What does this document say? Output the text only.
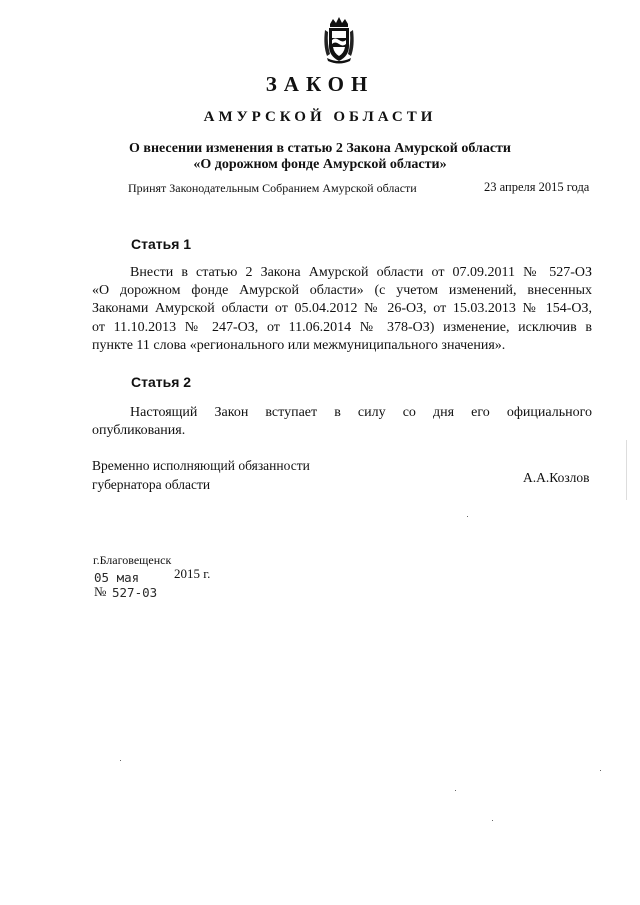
ЗАКОН
АМУРСКОЙ ОБЛАСТИ
О внесении изменения в статью 2 Закона Амурской области
«О дорожном фонде Амурской области»
Принят Законодательным Собранием Амурской области	23 апреля 2015 года
Статья 1
Внести в статью 2 Закона Амурской области от 07.09.2011 № 527-ОЗ
«О дорожном фонде Амурской области» (с учетом изменений, внесенных
Законами Амурской области от 05.04.2012 № 26-ОЗ, от 15.03.2013 № 154-ОЗ,
от 11.10.2013 № 247-ОЗ, от 11.06.2014 № 378-ОЗ) изменение, исключив в
пункте 11 слова «регионального или межмуниципального значения».
Статья 2
Настоящий Закон вступает в силу со дня его официального
опубликования.
Временно исполняющий обязанности
губернатора области	А.А.Козлов
г.Благовещенск
05 мая	2015 г.
№ 527-03
